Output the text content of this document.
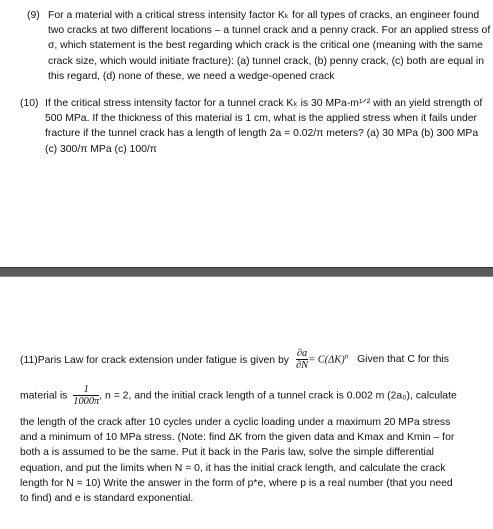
(9) For a material with a critical stress intensity factor Kₖ for all types of cracks, an engineer found
two cracks at two different locations – a tunnel crack and a penny crack. For an applied stress of
σ, which statement is the best regarding which crack is the critical one (meaning with the same
crack size, which would initiate fracture): (a) tunnel crack, (b) penny crack, (c) both are equal in
this regard, (d) none of these, we need a wedge-opened crack
(10) If the critical stress intensity factor for a tunnel crack Kₖ is 30 MPa-m¹ᐟ² with an yield strength of
500 MPa. If the thickness of this material is 1 cm, what is the applied stress when it fails under
fracture if the tunnel crack has a length of length 2a = 0.02/π meters? (a) 30 MPa (b) 300 MPa
(c) 300/π MPa (c) 100/π
(11)Paris Law for crack extension under fatigue is given by $\frac{\partial a}{\partial N} = C(\Delta K)^n$ Given that C for this
material is $\frac{1}{1000\pi}$ , n = 2, and the initial crack length of a tunnel crack is 0.002 m (2a₀), calculate
the length of the crack after 10 cycles under a cyclic loading under a maximum 20 MPa stress
and a minimum of 10 MPa stress. (Note: find ΔK from the given data and Kmax and Kmin – for
both a is assumed to be the same. Put it back in the Paris law, solve the simple differential
equation, and put the limits when N = 0, it has the initial crack length, and calculate the crack
length for N = 10) Write the answer in the form of p*e, where p is a real number (that you need
to find) and e is standard exponential.
